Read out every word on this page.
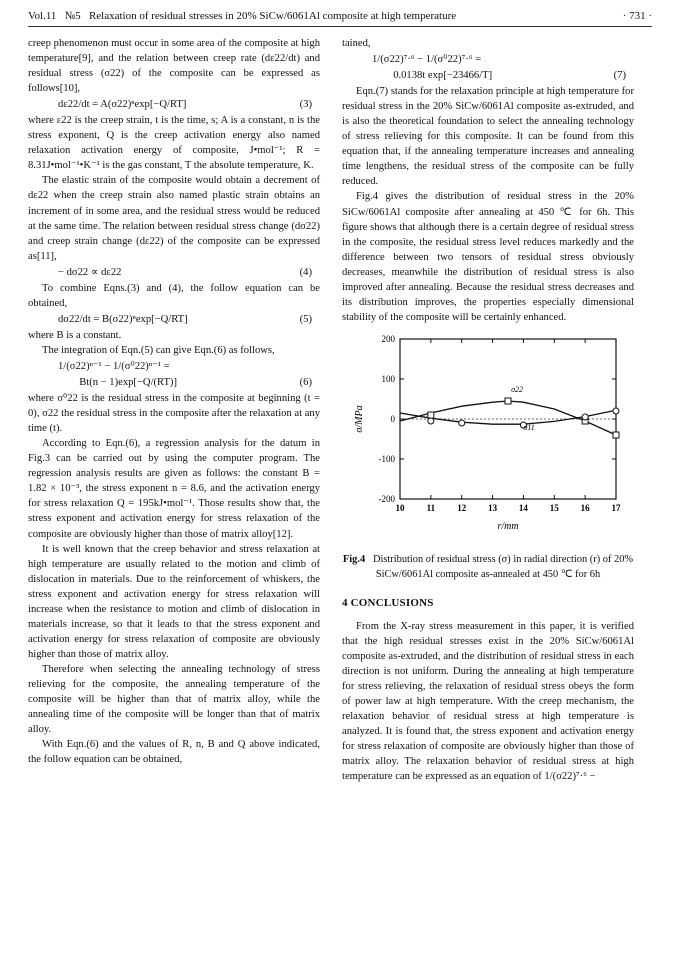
Vol.11 №5 Relaxation of residual stresses in 20% SiCw/6061Al composite at high temperature	· 731 ·

creep phenomenon must occur in some area of the composite at high temperature[9], and the relation between creep rate (dε22/dt) and residual stress (σ22) of the composite can be expressed as follows[10],

dε22/dt = A(σ22)ⁿexp[−Q/RT]	(3)

where ε22 is the creep strain, t is the time, s; A is a constant, n is the stress exponent, Q is the creep activation energy also named relaxation activation energy of composite, J•mol⁻¹; R = 8.31J•mol⁻¹•K⁻¹ is the gas constant, T the absolute temperature, K.

The elastic strain of the composite would obtain a decrement of dε22 when the creep strain also named plastic strain obtains an increment of in some area, and the residual stress would be reduced at the same time. The relation between residual stress change (dσ22) and creep strain change (dε22) of the composite can be expressed as[11],

− dσ22 ∝ dε22	(4)

To combine Eqns.(3) and (4), the follow equation can be obtained,

dσ22/dt = B(σ22)ⁿexp[−Q/RT]	(5)

where B is a constant.

The integration of Eqn.(5) can give Eqn.(6) as follows,

1/(σ22)ⁿ⁻¹ − 1/(σ⁰22)ⁿ⁻¹ =
Bt(n − 1)exp[−Q/(RT)]	(6)

where σ⁰22 is the residual stress in the composite at beginning (t = 0), σ22 the residual stress in the composite after the relaxation at any time (t).

According to Eqn.(6), a regression analysis for the datum in Fig.3 can be carried out by using the computer program. The regression analysis results are given as follows: the constant B = 1.82 × 10⁻³, the stress exponent n = 8.6, and the activation energy for stress relaxation Q = 195kJ•mol⁻¹. Those results show that, the stress exponent and activation energy for stress relaxation of the composite are obviously higher than those of matrix alloy[12].

It is well known that the creep behavior and stress relaxation at high temperature are usually related to the motion and climb of dislocation in materials. Due to the reinforcement of whiskers, the stress exponent and activation energy for stress relaxation will increase when the resistance to motion and climb of dislocation in materials increase, so that it leads to that the stress exponent and activation energy for stress relaxation of composite are obviously higher than those of matrix alloy.

Therefore when selecting the annealing technology of stress relieving for the composite, the annealing temperature of the composite will be higher than that of matrix alloy, while the annealing time of the composite will be longer than that of matrix alloy.

With Eqn.(6) and the values of R, n, B and Q above indicated, the follow equation can be obtained,

tained,

1/(σ22)⁷·⁶ − 1/(σ⁰22)⁷·⁶ =
0.0138t exp[−23466/T]	(7)

Eqn.(7) stands for the relaxation principle at high temperature for residual stress in the 20% SiCw/6061Al composite as-extruded, and is also the theoretical foundation to select the annealing technology of stress relieving for this composite. It can be found from this equation that, if the annealing temperature increases and annealing time lengthens, the residual stress of the composite can be fully reduced.

Fig.4 gives the distribution of residual stress in the 20% SiCw/6061Al composite after annealing at 450 ℃ for 6h. This figure shows that although there is a certain degree of residual stress in the composite, the residual stress level reduces markedly and the difference between two tensors of residual stress obviously decreases, meanwhile the distribution of residual stress is also improved after annealing. Because the residual stress decreases and its distribution improves, the properties especially dimensional stability of the composite will be certainly enhanced.

200
100
0
-100
-200
10 11 12 13 14 15 16 17
r/mm
σ/MPa
σ22
σ11
Fig.4 Distribution of residual stress (σ) in radial direction (r) of 20% SiCw/6061Al composite as-annealed at 450 ℃ for 6h
4 CONCLUSIONS

From the X-ray stress measurement in this paper, it is verified that the high residual stresses exist in the 20% SiCw/6061Al composite as-extruded, and the distribution of residual stress in each direction is not uniform. During the annealing at high temperature for stress relieving, the relaxation of residual stress obeys the form of power law at high temperature. With the creep mechanism, the relaxation behavior of residual stress at high temperature is analyzed. It is found that, the stress exponent and activation energy for stress relaxation of composite are obviously higher than those of matrix alloy. The relaxation behavior of residual stress at high temperature can be expressed as an equation of 1/(σ22)⁷·⁶ −
